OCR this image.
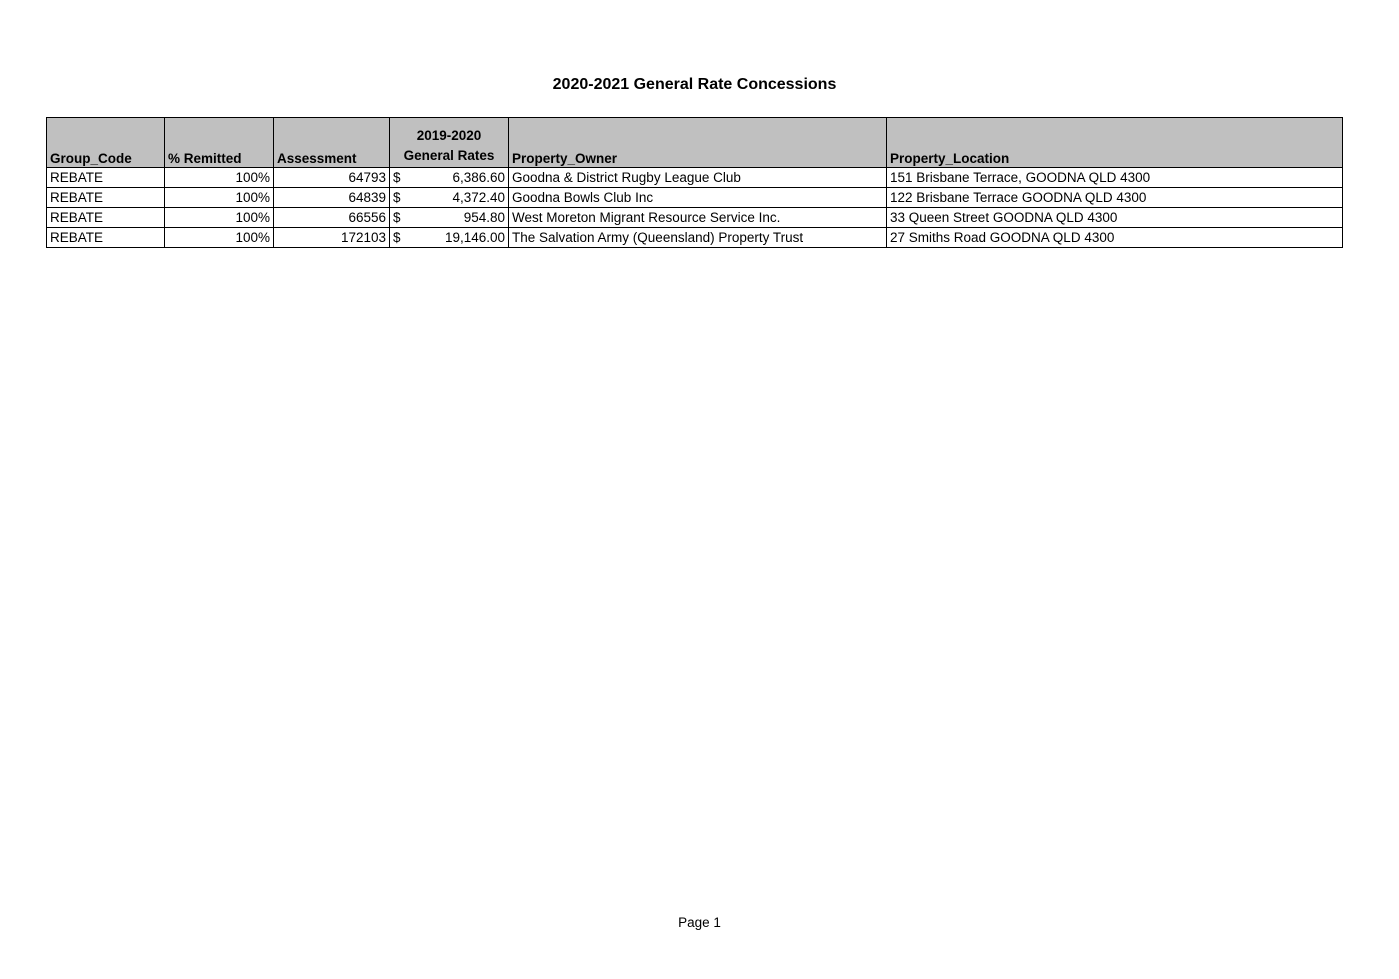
2020-2021 General Rate Concessions
Group_Code	% Remitted	Assessment	2019-2020
General Rates	Property_Owner	Property_Location
REBATE	100%	64793	$ 6,386.60	Goodna & District Rugby League Club	151 Brisbane Terrace, GOODNA QLD 4300
REBATE	100%	64839	$ 4,372.40	Goodna Bowls Club Inc	122 Brisbane Terrace GOODNA QLD 4300
REBATE	100%	66556	$ 954.80	West Moreton Migrant Resource Service Inc.	33 Queen Street GOODNA QLD 4300
REBATE	100%	172103	$ 19,146.00	The Salvation Army (Queensland) Property Trust	27 Smiths Road GOODNA QLD 4300
Page 1
